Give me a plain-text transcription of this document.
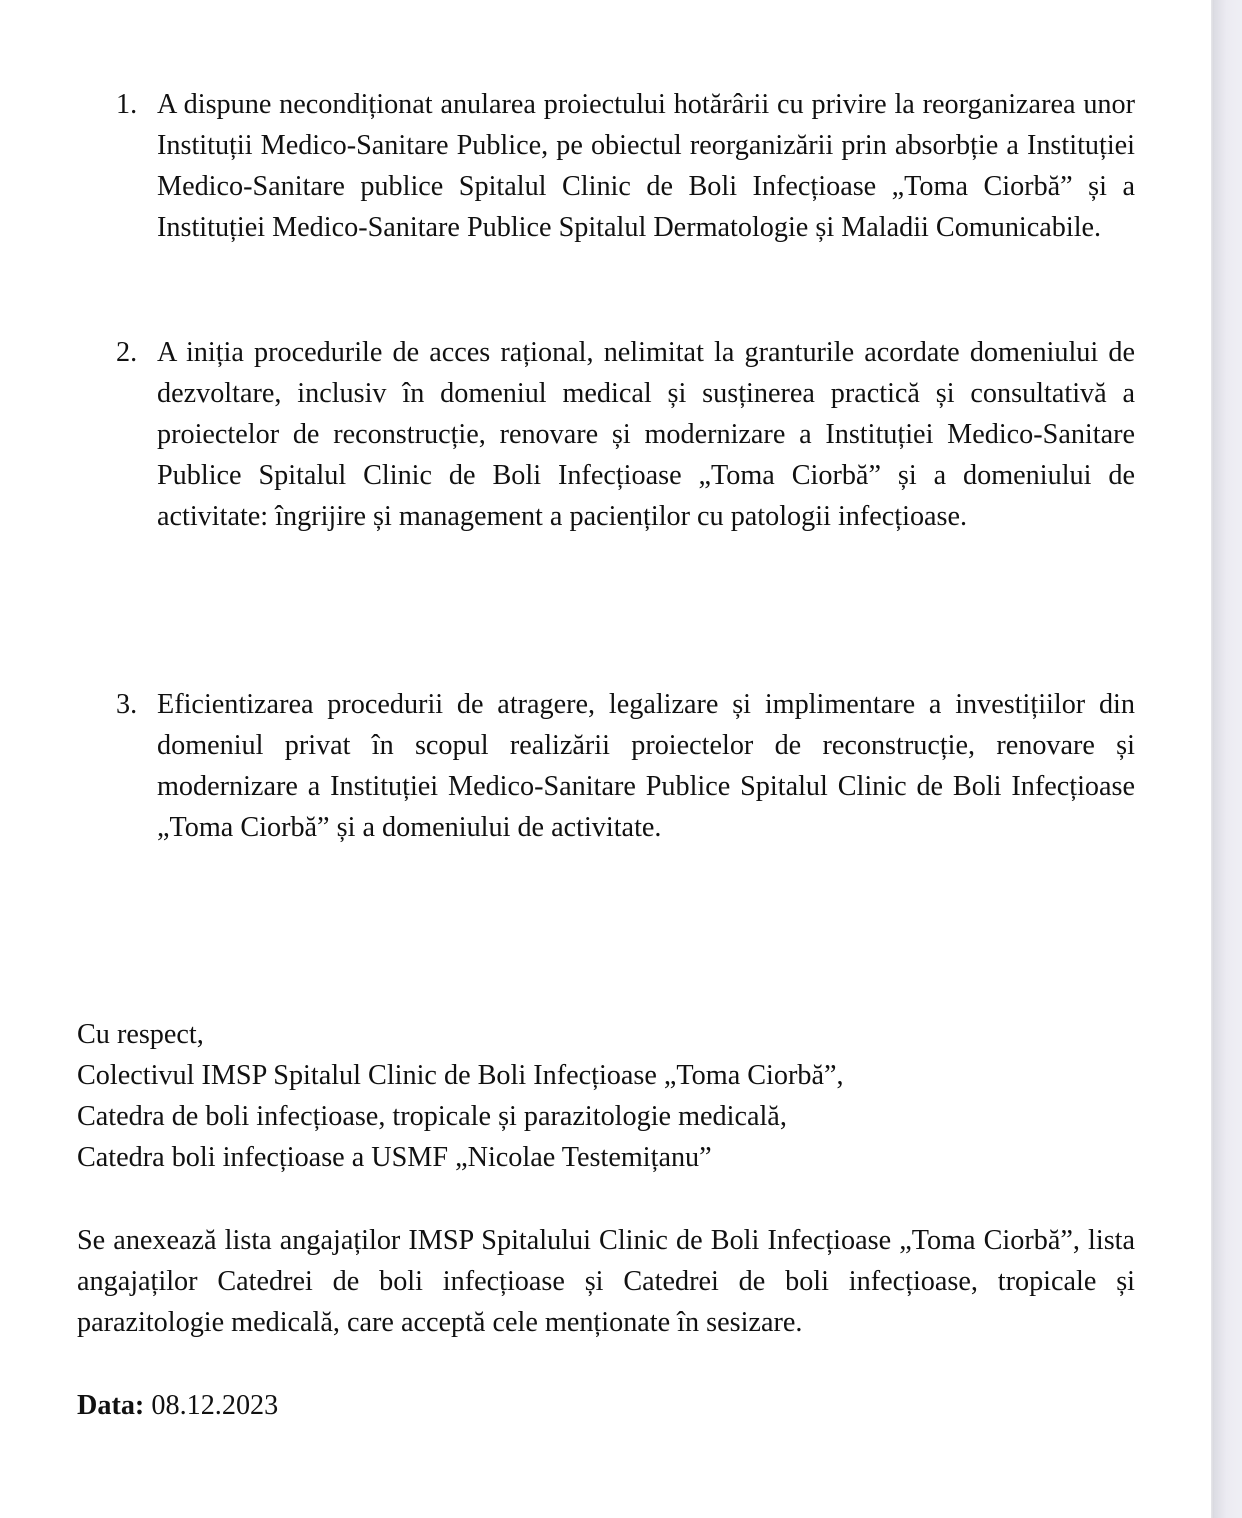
1. A dispune necondiționat anularea proiectului hotărârii cu privire la reorganizarea unor Instituții Medico-Sanitare Publice, pe obiectul reorganizării prin absorbție a Instituției Medico-Sanitare publice Spitalul Clinic de Boli Infecțioase „Toma Ciorbă” și a Instituției Medico-Sanitare Publice Spitalul Dermatologie și Maladii Comunicabile.
2. A iniția procedurile de acces rațional, nelimitat la granturile acordate domeniului de dezvoltare, inclusiv în domeniul medical și susținerea practică și consultativă a proiectelor de reconstrucție, renovare și modernizare a Instituției Medico-Sanitare Publice Spitalul Clinic de Boli Infecțioase „Toma Ciorbă” și a domeniului de activitate: îngrijire și management a pacienților cu patologii infecțioase.
3. Eficientizarea procedurii de atragere, legalizare și implimentare a investițiilor din domeniul privat în scopul realizării proiectelor de reconstrucție, renovare și modernizare a Instituției Medico-Sanitare Publice Spitalul Clinic de Boli Infecțioase „Toma Ciorbă” și a domeniului de activitate.
Cu respect,
Colectivul IMSP Spitalul Clinic de Boli Infecțioase „Toma Ciorbă”,
Catedra de boli infecțioase, tropicale și parazitologie medicală,
Catedra boli infecțioase a USMF „Nicolae Testemițanu”
Se anexează lista angajaților IMSP Spitalului Clinic de Boli Infecțioase „Toma Ciorbă”, lista angajaților Catedrei de boli infecțioase și Catedrei de boli infecțioase, tropicale și parazitologie medicală, care acceptă cele menționate în sesizare.
Data: 08.12.2023
